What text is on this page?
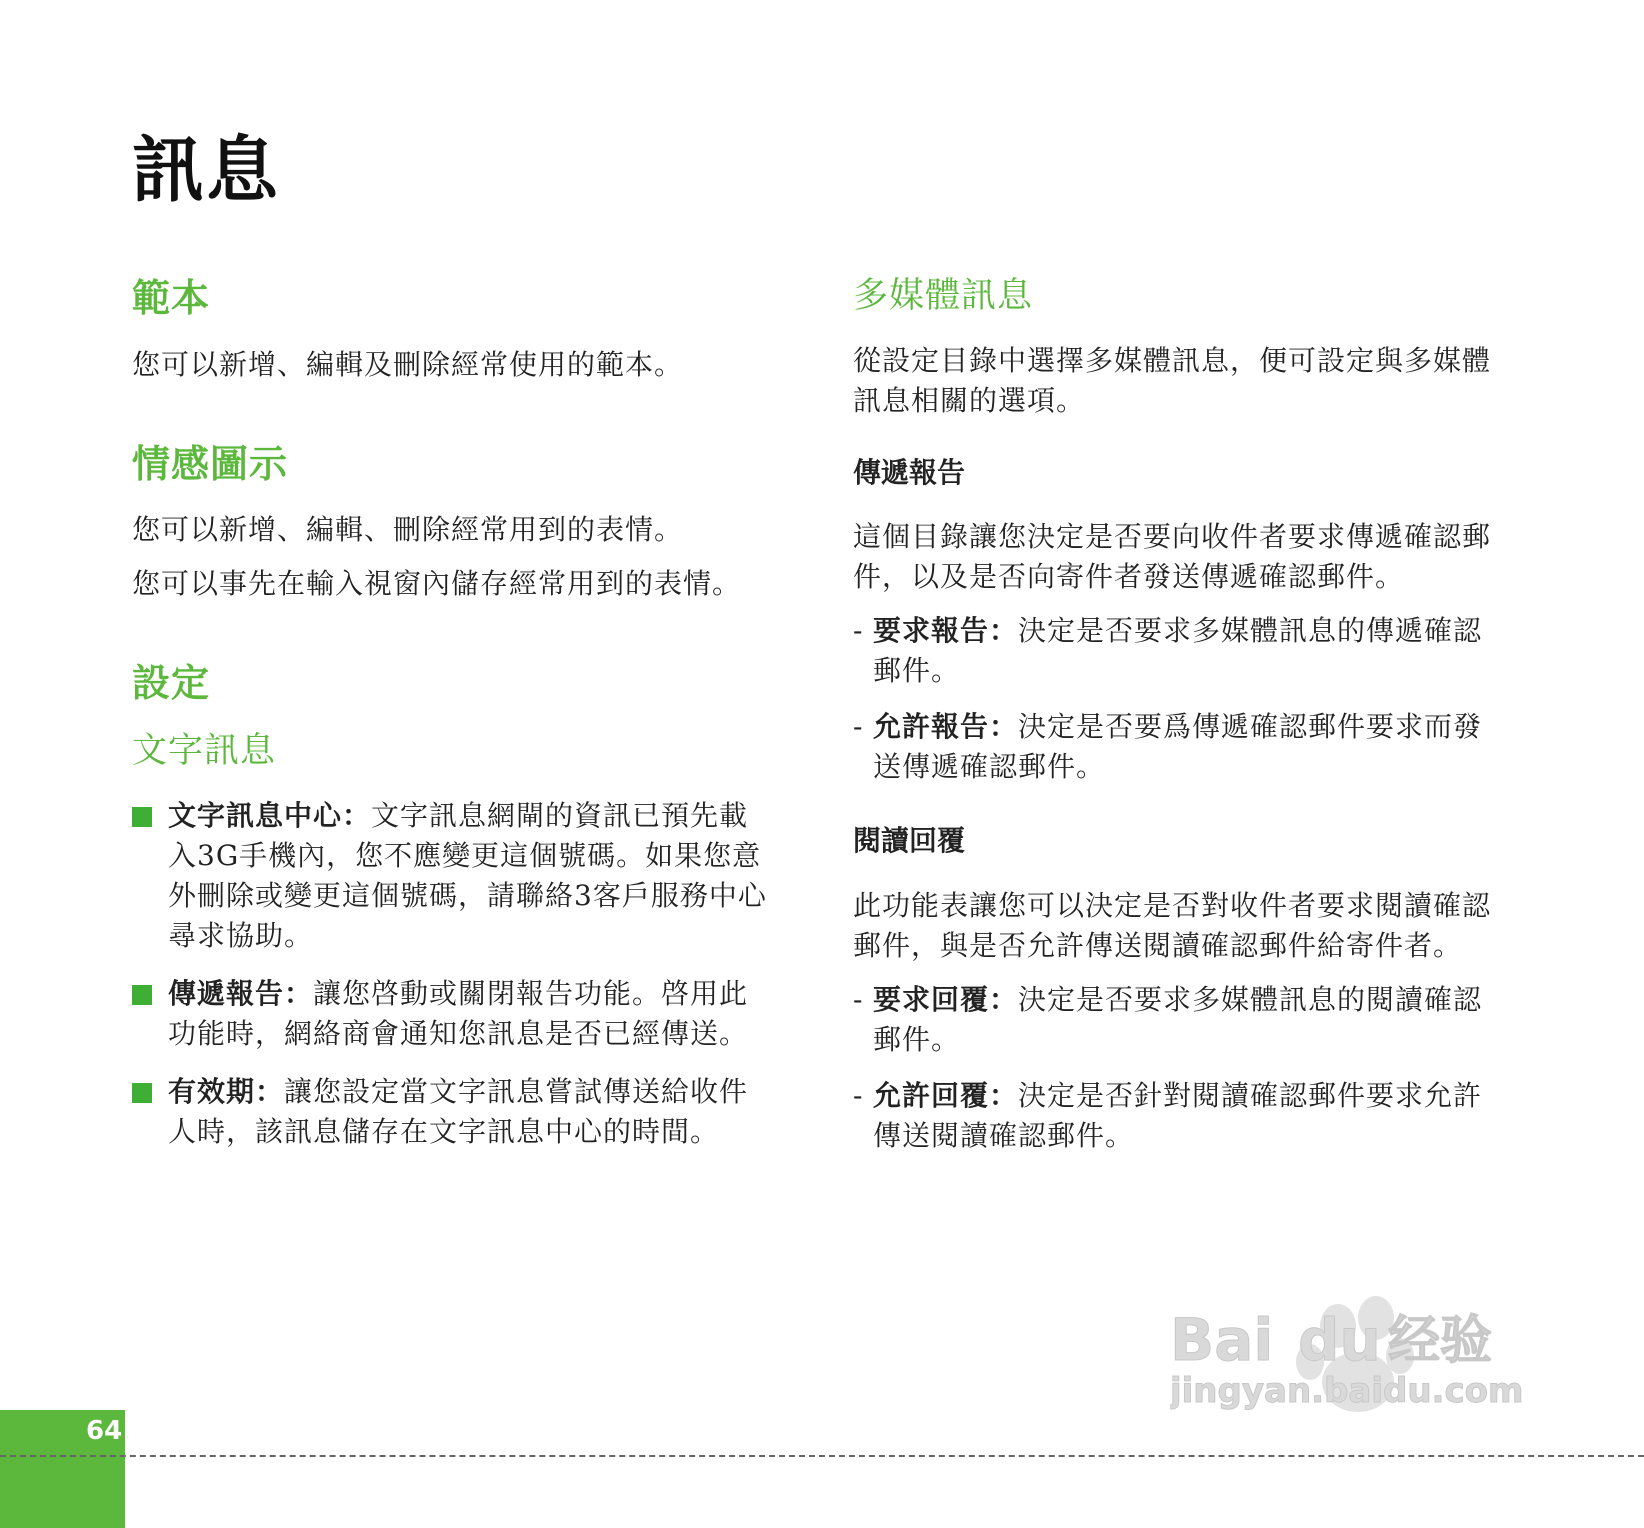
訊息
範本

您可以新增、編輯及刪除經常使用的範本。

情感圖示

您可以新增、編輯、刪除經常用到的表情。

您可以事先在輸入視窗內儲存經常用到的表情。

設定
文字訊息
文字訊息中心：文字訊息網閘的資訊已預先載入3G手機內，您不應變更這個號碼。如果您意外刪除或變更這個號碼，請聯絡3客戶服務中心尋求協助。
傳遞報告：讓您啓動或關閉報告功能。啓用此功能時，網絡商會通知您訊息是否已經傳送。
有效期：讓您設定當文字訊息嘗試傳送給收件人時，該訊息儲存在文字訊息中心的時間。
多媒體訊息

從設定目錄中選擇多媒體訊息，便可設定與多媒體訊息相關的選項。

傳遞報告

這個目錄讓您決定是否要向收件者要求傳遞確認郵件，以及是否向寄件者發送傳遞確認郵件。

- 要求報告：決定是否要求多媒體訊息的傳遞確認郵件。
- 允許報告：決定是否要爲傳遞確認郵件要求而發送傳遞確認郵件。
閱讀回覆

此功能表讓您可以決定是否對收件者要求閱讀確認郵件，與是否允許傳送閱讀確認郵件給寄件者。

- 要求回覆：決定是否要求多媒體訊息的閱讀確認郵件。
- 允許回覆：決定是否針對閱讀確認郵件要求允許傳送閱讀確認郵件。
64
Bai du 经验
jingyan.baidu.com
